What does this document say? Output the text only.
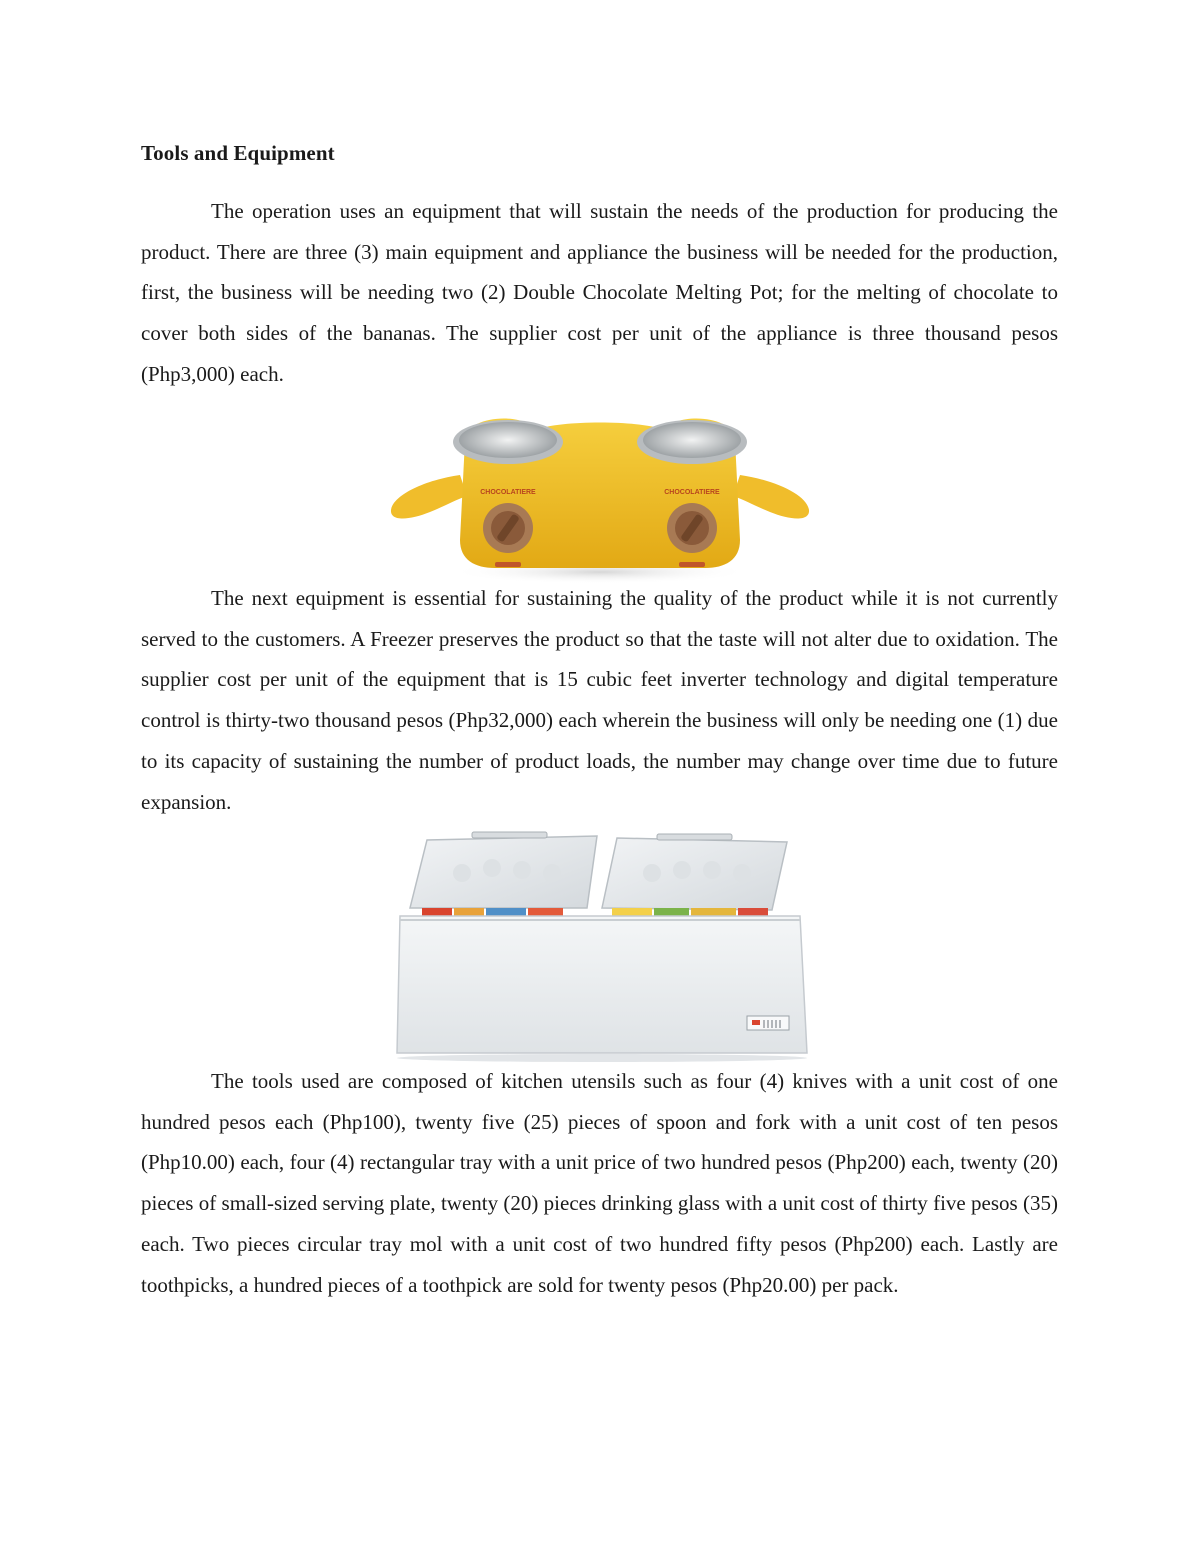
Tools and Equipment

The operation uses an equipment that will sustain the needs of the production for producing the product. There are three (3) main equipment and appliance the business will be needed for the production, first, the business will be needing two (2) Double Chocolate Melting Pot; for the melting of chocolate to cover both sides of the bananas. The supplier cost per unit of the appliance is three thousand pesos (Php3,000) each.

CHOCOLATIERE	CHOCOLATIERE

The next equipment is essential for sustaining the quality of the product while it is not currently served to the customers. A Freezer preserves the product so that the taste will not alter due to oxidation. The supplier cost per unit of the equipment that is 15 cubic feet inverter technology and digital temperature control is thirty-two thousand pesos (Php32,000) each wherein the business will only be needing one (1) due to its capacity of sustaining the number of product loads, the number may change over time due to future expansion.

The tools used are composed of kitchen utensils such as four (4) knives with a unit cost of one hundred pesos each (Php100), twenty five (25) pieces of spoon and fork with a unit cost of ten pesos (Php10.00) each, four (4) rectangular tray with a unit price of two hundred pesos (Php200) each, twenty (20) pieces of small-sized serving plate, twenty (20) pieces drinking glass with a unit cost of thirty five pesos (35) each. Two pieces circular tray mol with a unit cost of two hundred fifty pesos (Php200) each. Lastly are toothpicks, a hundred pieces of a toothpick are sold for twenty pesos (Php20.00) per pack.
